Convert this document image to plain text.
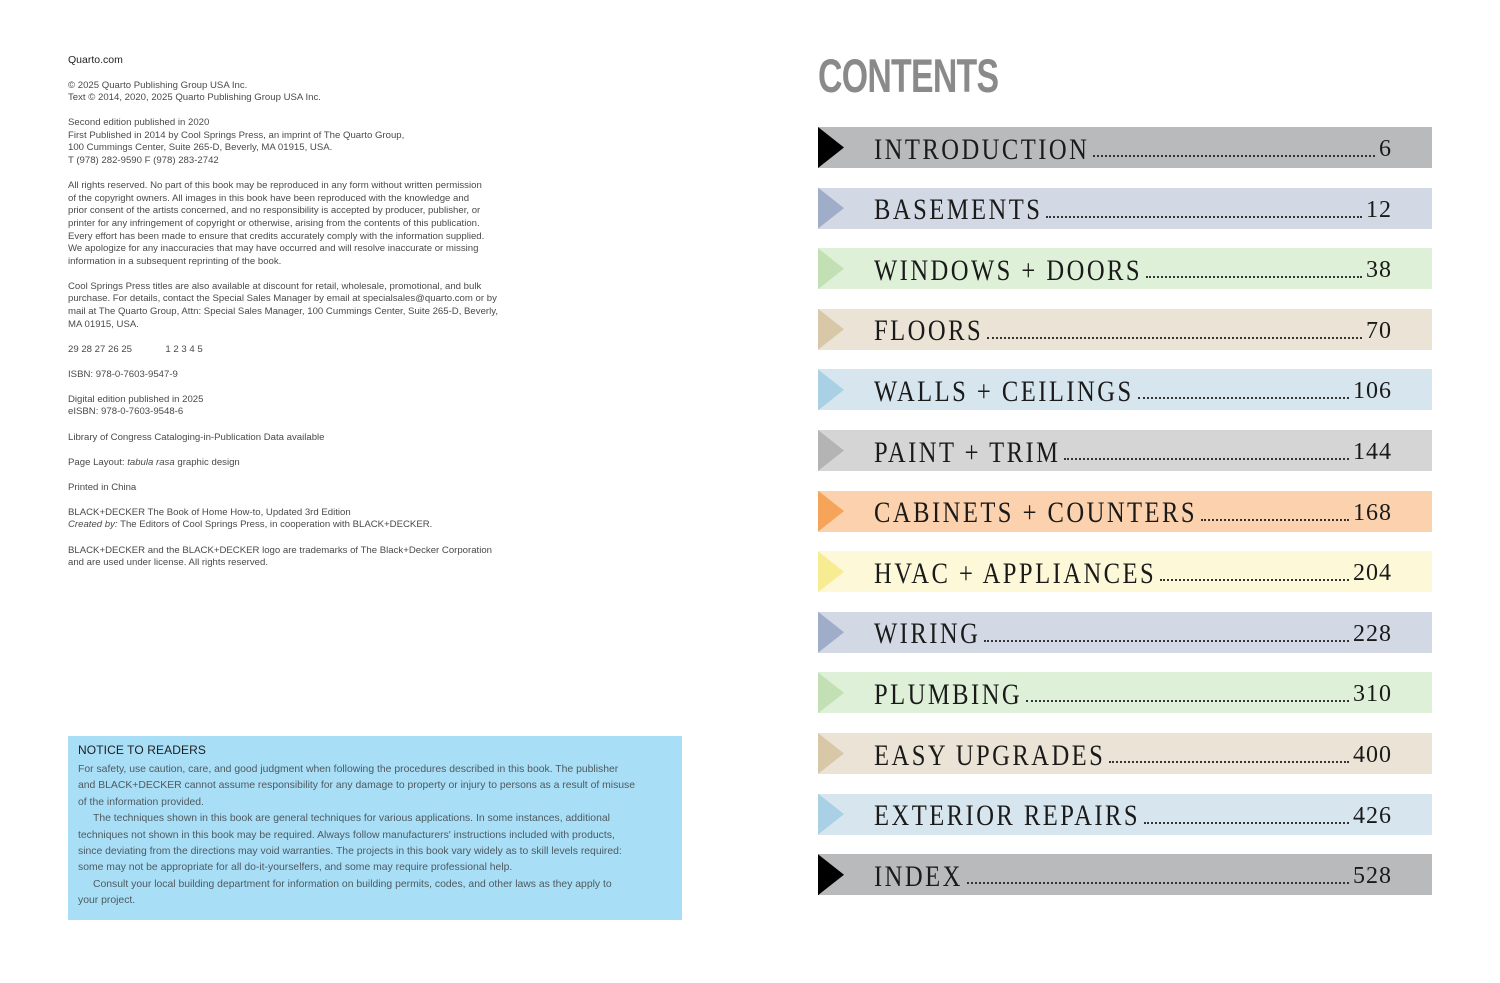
Quarto.com
© 2025 Quarto Publishing Group USA Inc.
Text © 2014, 2020, 2025 Quarto Publishing Group USA Inc.
Second edition published in 2020
First Published in 2014 by Cool Springs Press, an imprint of The Quarto Group,
100 Cummings Center, Suite 265-D, Beverly, MA 01915, USA.
T (978) 282-9590 F (978) 283-2742
All rights reserved. No part of this book may be reproduced in any form without written permission
of the copyright owners. All images in this book have been reproduced with the knowledge and
prior consent of the artists concerned, and no responsibility is accepted by producer, publisher, or
printer for any infringement of copyright or otherwise, arising from the contents of this publication.
Every effort has been made to ensure that credits accurately comply with the information supplied.
We apologize for any inaccuracies that may have occurred and will resolve inaccurate or missing
information in a subsequent reprinting of the book.
Cool Springs Press titles are also available at discount for retail, wholesale, promotional, and bulk
purchase. For details, contact the Special Sales Manager by email at specialsales@quarto.com or by
mail at The Quarto Group, Attn: Special Sales Manager, 100 Cummings Center, Suite 265-D, Beverly,
MA 01915, USA.
29 28 27 26 25	1 2 3 4 5
ISBN: 978-0-7603-9547-9
Digital edition published in 2025
eISBN: 978-0-7603-9548-6
Library of Congress Cataloging-in-Publication Data available
Page Layout: tabula rasa graphic design
Printed in China
BLACK+DECKER The Book of Home How-to, Updated 3rd Edition
Created by: The Editors of Cool Springs Press, in cooperation with BLACK+DECKER.
BLACK+DECKER and the BLACK+DECKER logo are trademarks of The Black+Decker Corporation
and are used under license. All rights reserved.
NOTICE TO READERS
For safety, use caution, care, and good judgment when following the procedures described in this book. The publisher
and BLACK+DECKER cannot assume responsibility for any damage to property or injury to persons as a result of misuse
of the information provided.
The techniques shown in this book are general techniques for various applications. In some instances, additional
techniques not shown in this book may be required. Always follow manufacturers' instructions included with products,
since deviating from the directions may void warranties. The projects in this book vary widely as to skill levels required:
some may not be appropriate for all do-it-yourselfers, and some may require professional help.
Consult your local building department for information on building permits, codes, and other laws as they apply to
your project.
CONTENTS
INTRODUCTION	6
BASEMENTS	12
WINDOWS + DOORS	38
FLOORS	70
WALLS + CEILINGS	106
PAINT + TRIM	144
CABINETS + COUNTERS	168
HVAC + APPLIANCES	204
WIRING	228
PLUMBING	310
EASY UPGRADES	400
EXTERIOR REPAIRS	426
INDEX	528
